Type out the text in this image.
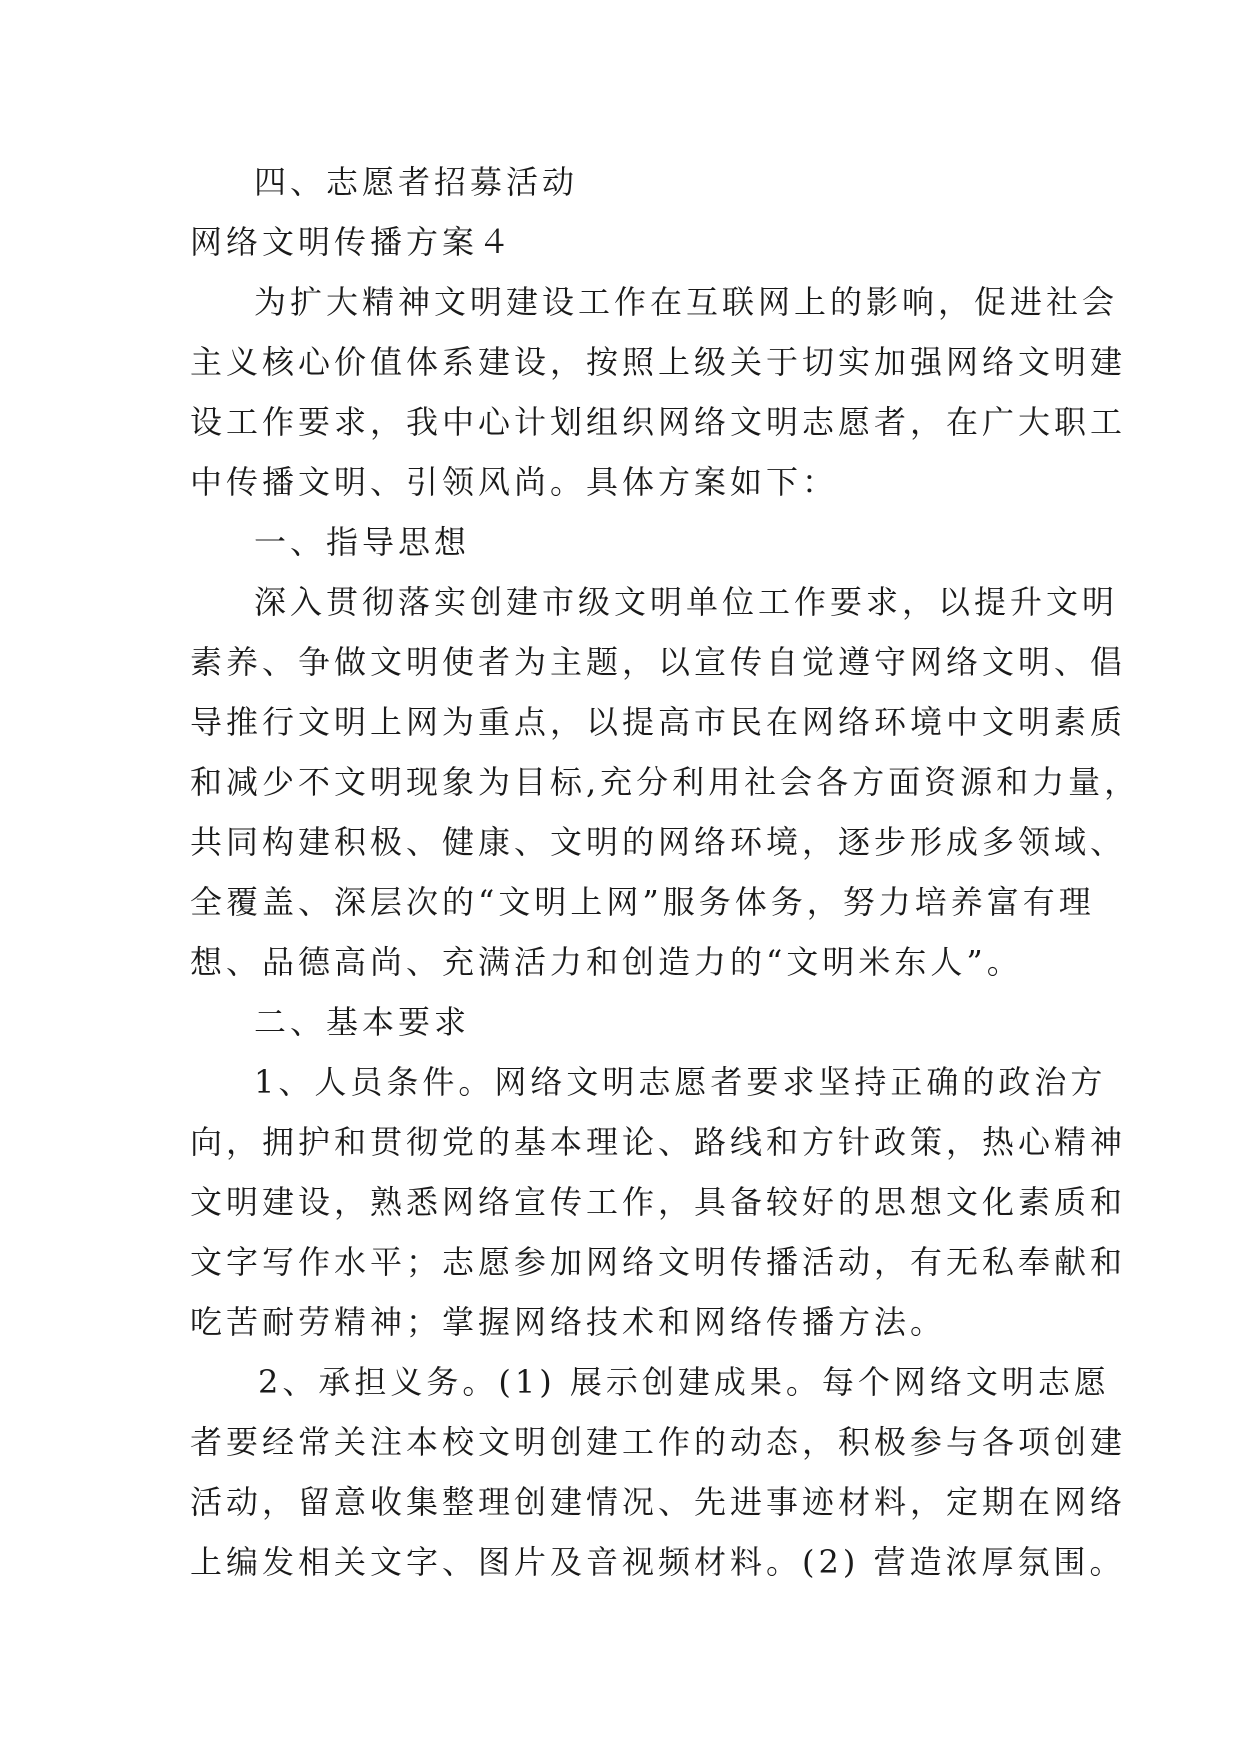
四、志愿者招募活动

网络文明传播方案４

为扩大精神文明建设工作在互联网上的影响，促进社会

主义核心价值体系建设，按照上级关于切实加强网络文明建

设工作要求，我中心计划组织网络文明志愿者，在广大职工

中传播文明、引领风尚。具体方案如下：

一、指导思想

深入贯彻落实创建市级文明单位工作要求，以提升文明

素养、争做文明使者为主题，以宣传自觉遵守网络文明、倡

导推行文明上网为重点，以提高市民在网络环境中文明素质

和减少不文明现象为目标,充分利用社会各方面资源和力量，

共同构建积极、健康、文明的网络环境，逐步形成多领域、

全覆盖、深层次的“文明上网”服务体务，努力培养富有理

想、品德高尚、充满活力和创造力的“文明米东人”。

二、基本要求

1、人员条件。网络文明志愿者要求坚持正确的政治方

向，拥护和贯彻党的基本理论、路线和方针政策，热心精神

文明建设，熟悉网络宣传工作，具备较好的思想文化素质和

文字写作水平；志愿参加网络文明传播活动，有无私奉献和

吃苦耐劳精神；掌握网络技术和网络传播方法。

2、承担义务。(1) 展示创建成果。每个网络文明志愿

者要经常关注本校文明创建工作的动态，积极参与各项创建

活动，留意收集整理创建情况、先进事迹材料，定期在网络

上编发相关文字、图片及音视频材料。(2) 营造浓厚氛围。
